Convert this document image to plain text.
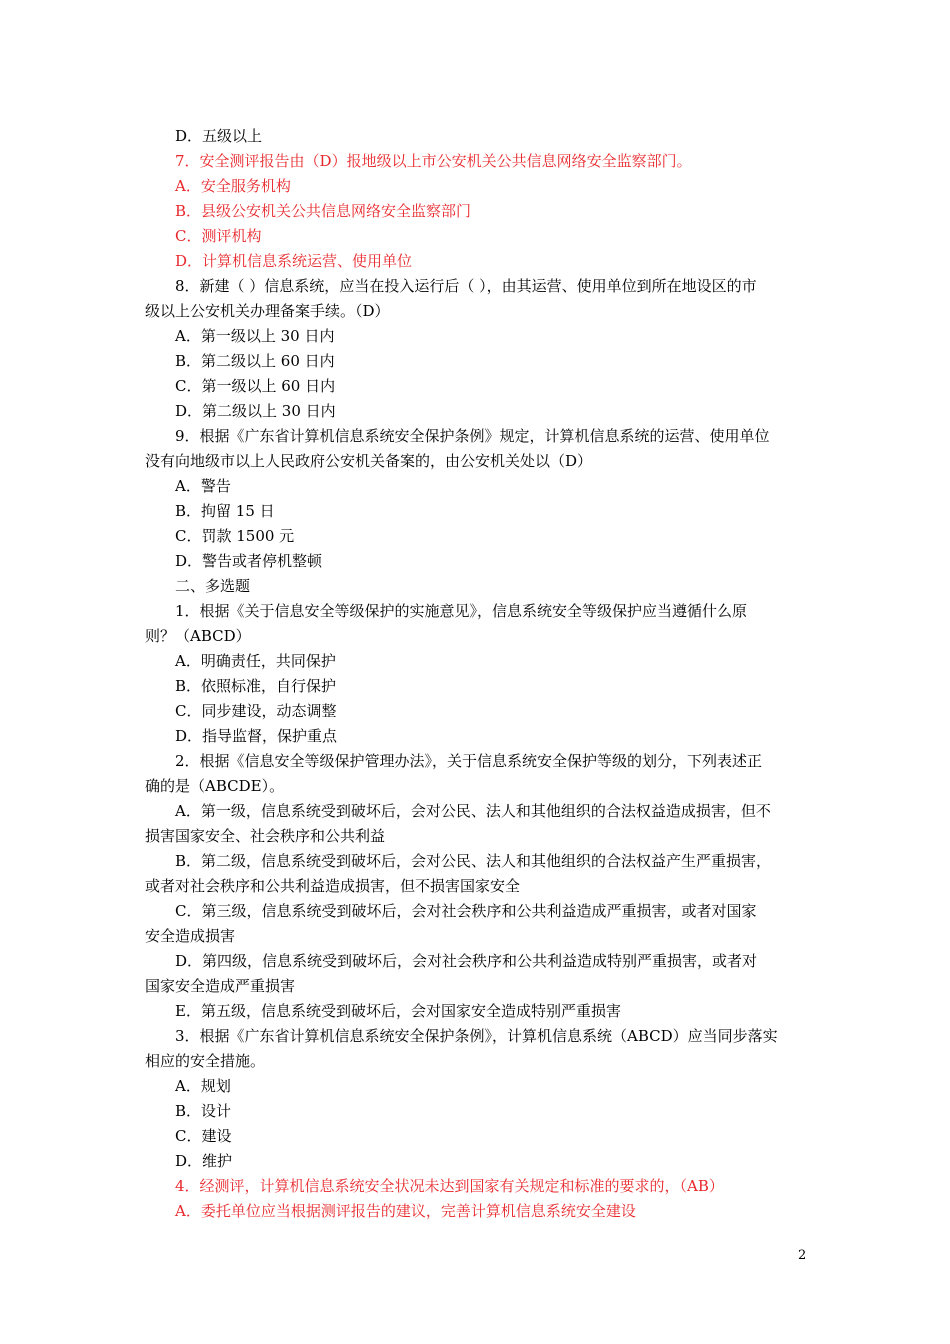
D．五级以上
7．安全测评报告由（D）报地级以上市公安机关公共信息网络安全监察部门。
A．安全服务机构
B．县级公安机关公共信息网络安全监察部门
C．测评机构
D．计算机信息系统运营、使用单位
8．新建（ ）信息系统，应当在投入运行后（ ），由其运营、使用单位到所在地设区的市
级以上公安机关办理备案手续。（D）
A．第一级以上 30 日内
B．第二级以上 60 日内
C．第一级以上 60 日内
D．第二级以上 30 日内
9．根据《广东省计算机信息系统安全保护条例》规定，计算机信息系统的运营、使用单位
没有向地级市以上人民政府公安机关备案的，由公安机关处以（D）
A．警告
B．拘留 15 日
C．罚款 1500 元
D．警告或者停机整顿
二、多选题
1．根据《关于信息安全等级保护的实施意见》，信息系统安全等级保护应当遵循什么原
则？（ABCD）
A．明确责任，共同保护
B．依照标准，自行保护
C．同步建设，动态调整
D．指导监督，保护重点
2．根据《信息安全等级保护管理办法》，关于信息系统安全保护等级的划分，下列表述正
确的是（ABCDE）。
A．第一级，信息系统受到破坏后，会对公民、法人和其他组织的合法权益造成损害，但不
损害国家安全、社会秩序和公共利益
B．第二级，信息系统受到破坏后，会对公民、法人和其他组织的合法权益产生严重损害，
或者对社会秩序和公共利益造成损害，但不损害国家安全
C．第三级，信息系统受到破坏后，会对社会秩序和公共利益造成严重损害，或者对国家
安全造成损害
D．第四级，信息系统受到破坏后，会对社会秩序和公共利益造成特别严重损害，或者对
国家安全造成严重损害
E．第五级，信息系统受到破坏后，会对国家安全造成特别严重损害
3．根据《广东省计算机信息系统安全保护条例》，计算机信息系统（ABCD）应当同步落实
相应的安全措施。
A．规划
B．设计
C．建设
D．维护
4．经测评，计算机信息系统安全状况未达到国家有关规定和标准的要求的，（AB）
A．委托单位应当根据测评报告的建议，完善计算机信息系统安全建设
2
